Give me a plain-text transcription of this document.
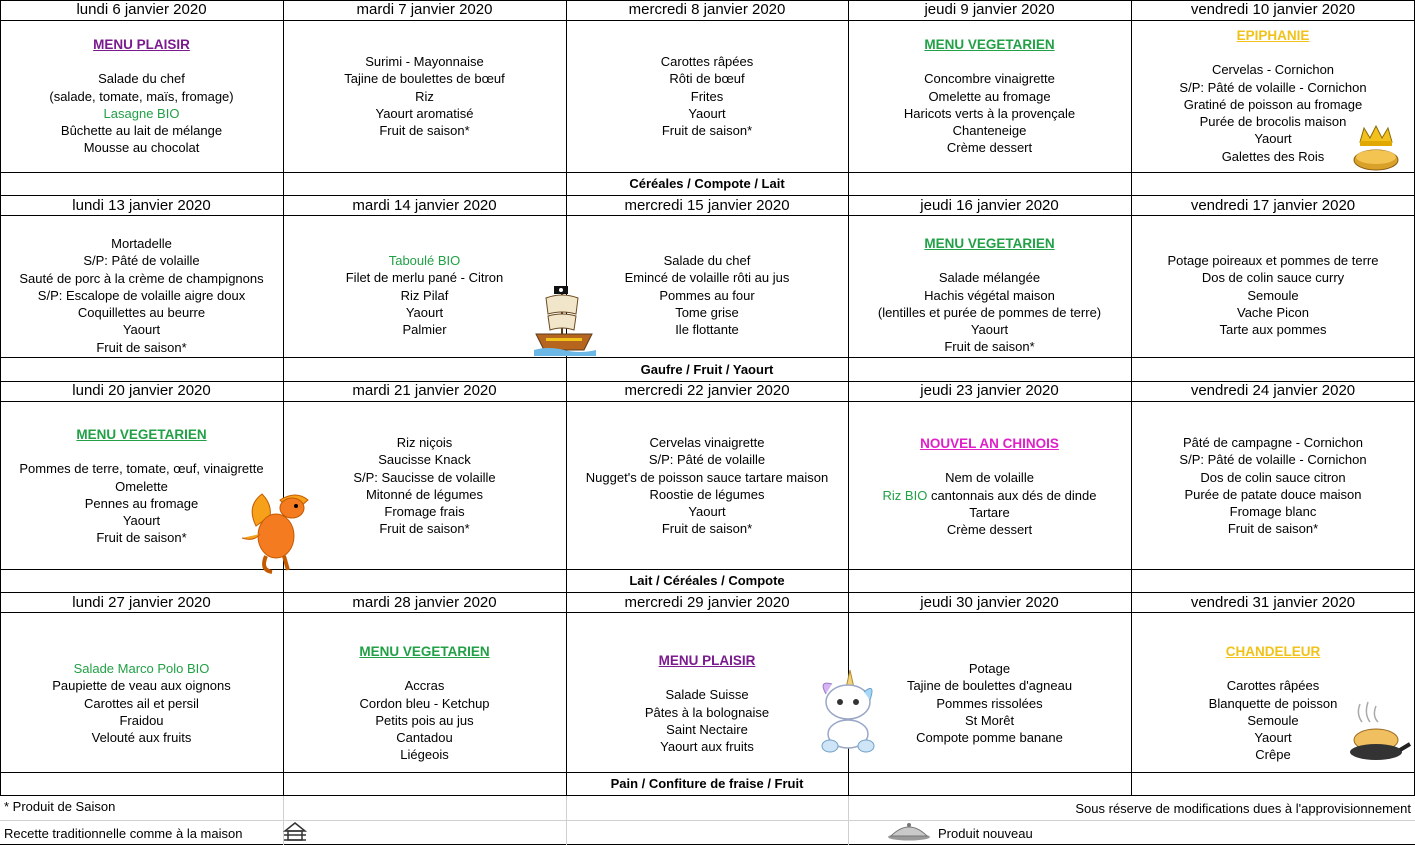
lundi 6 janvier 2020
MENU PLAISIR
Salade du chef
(salade, tomate, maïs, fromage)
Lasagne BIO
Bûchette au lait de mélange
Mousse au chocolat
mardi 7 janvier 2020
Surimi - Mayonnaise
Tajine de boulettes de bœuf
Riz
Yaourt aromatisé
Fruit de saison*
mercredi 8 janvier 2020
Carottes râpées
Rôti de bœuf
Frites
Yaourt
Fruit de saison*
jeudi 9 janvier 2020
MENU VEGETARIEN
Concombre vinaigrette
Omelette au fromage
Haricots verts à la provençale
Chanteneige
Crème dessert
vendredi 10 janvier 2020
EPIPHANIE
Cervelas - Cornichon
S/P: Pâté de volaille - Cornichon
Gratiné de poisson au fromage
Purée de brocolis maison
Yaourt
Galettes des Rois
Céréales / Compote / Lait
lundi 13 janvier 2020
Mortadelle
S/P: Pâté de volaille
Sauté de porc à la crème de champignons
S/P: Escalope de volaille aigre doux
Coquillettes au beurre
Yaourt
Fruit de saison*
mardi 14 janvier 2020
Taboulé BIO
Filet de merlu pané - Citron
Riz Pilaf
Yaourt
Palmier
mercredi 15 janvier 2020
Salade du chef
Emincé de volaille rôti au jus
Pommes au four
Tome grise
Ile flottante
jeudi 16 janvier 2020
MENU VEGETARIEN
Salade mélangée
Hachis végétal maison
(lentilles et purée de pommes de terre)
Yaourt
Fruit de saison*
vendredi 17 janvier 2020
Potage poireaux et pommes de terre
Dos de colin sauce curry
Semoule
Vache Picon
Tarte aux pommes
Gaufre / Fruit / Yaourt
lundi 20 janvier 2020
MENU VEGETARIEN
Pommes de terre, tomate, œuf, vinaigrette
Omelette
Pennes au fromage
Yaourt
Fruit de saison*
mardi 21 janvier 2020
Riz niçois
Saucisse Knack
S/P: Saucisse de volaille
Mitonné de légumes
Fromage frais
Fruit de saison*
mercredi 22 janvier 2020
Cervelas vinaigrette
S/P: Pâté de volaille
Nugget's de poisson sauce tartare maison
Roostie de légumes
Yaourt
Fruit de saison*
jeudi 23 janvier 2020
NOUVEL AN CHINOIS
Nem de volaille
Riz BIO cantonnais aux dés de dinde
Tartare
Crème dessert
vendredi 24 janvier 2020
Pâté de campagne - Cornichon
S/P: Pâté de volaille - Cornichon
Dos de colin sauce citron
Purée de patate douce maison
Fromage blanc
Fruit de saison*
Lait / Céréales / Compote
lundi 27 janvier 2020
Salade Marco Polo BIO
Paupiette de veau aux oignons
Carottes ail et persil
Fraidou
Velouté aux fruits
mardi 28 janvier 2020
MENU VEGETARIEN
Accras
Cordon bleu - Ketchup
Petits pois au jus
Cantadou
Liégeois
mercredi 29 janvier 2020
MENU PLAISIR
Salade Suisse
Pâtes à la bolognaise
Saint Nectaire
Yaourt aux fruits
jeudi 30 janvier 2020
Potage
Tajine de boulettes d'agneau
Pommes rissolées
St Morêt
Compote pomme banane
vendredi 31 janvier 2020
CHANDELEUR
Carottes râpées
Blanquette de poisson
Semoule
Yaourt
Crêpe
Pain / Confiture de fraise / Fruit
* Produit de Saison	Sous réserve de modifications dues à l'approvisionnement
Recette traditionnelle comme à la maison	Produit nouveau
